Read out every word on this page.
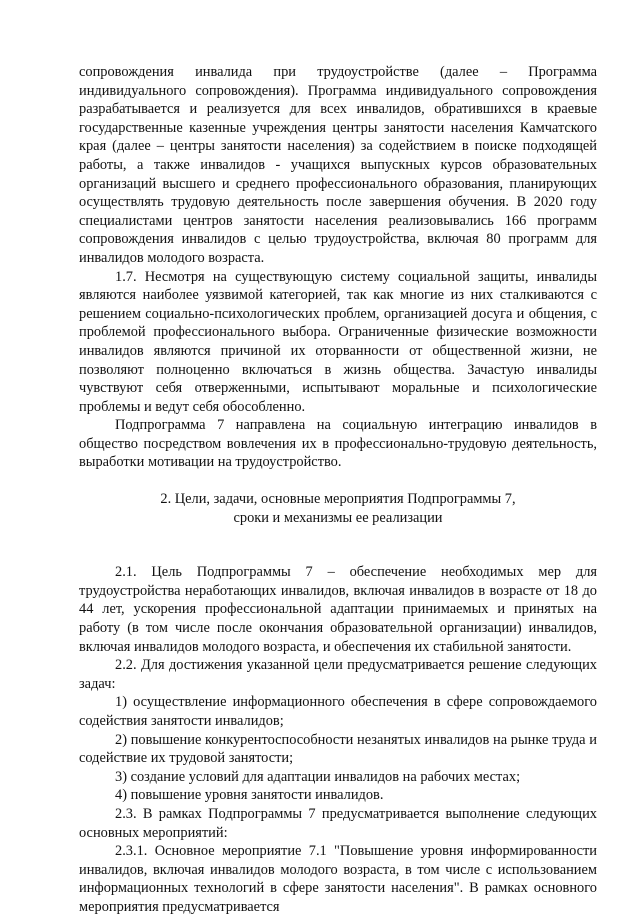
сопровождения инвалида при трудоустройстве (далее – Программа индивидуального сопровождения). Программа индивидуального сопровождения разрабатывается и реализуется для всех инвалидов, обратившихся в краевые государственные казенные учреждения центры занятости населения Камчатского края (далее – центры занятости населения) за содействием в поиске подходящей работы, а также инвалидов - учащихся выпускных курсов образовательных организаций высшего и среднего профессионального образования, планирующих осуществлять трудовую деятельность после завершения обучения. В 2020 году специалистами центров занятости населения реализовывались 166 программ сопровождения инвалидов с целью трудоустройства, включая 80 программ для инвалидов молодого возраста.

1.7. Несмотря на существующую систему социальной защиты, инвалиды являются наиболее уязвимой категорией, так как многие из них сталкиваются с решением социально-психологических проблем, организацией досуга и общения, с проблемой профессионального выбора. Ограниченные физические возможности инвалидов являются причиной их оторванности от общественной жизни, не позволяют полноценно включаться в жизнь общества. Зачастую инвалиды чувствуют себя отверженными, испытывают моральные и психологические проблемы и ведут себя обособленно.

Подпрограмма 7 направлена на социальную интеграцию инвалидов в общество посредством вовлечения их в профессионально-трудовую деятельность, выработки мотивации на трудоустройство.

2. Цели, задачи, основные мероприятия Подпрограммы 7,
сроки и механизмы ее реализации

2.1. Цель Подпрограммы 7 – обеспечение необходимых мер для трудоустройства неработающих инвалидов, включая инвалидов в возрасте от 18 до 44 лет, ускорения профессиональной адаптации принимаемых и принятых на работу (в том числе после окончания образовательной организации) инвалидов, включая инвалидов молодого возраста, и обеспечения их стабильной занятости.

2.2. Для достижения указанной цели предусматривается решение следующих задач:

1) осуществление информационного обеспечения в сфере сопровождаемого содействия занятости инвалидов;

2) повышение конкурентоспособности незанятых инвалидов на рынке труда и содействие их трудовой занятости;

3) создание условий для адаптации инвалидов на рабочих местах;

4) повышение уровня занятости инвалидов.

2.3. В рамках Подпрограммы 7 предусматривается выполнение следующих основных мероприятий:

2.3.1. Основное мероприятие 7.1 "Повышение уровня информированности инвалидов, включая инвалидов молодого возраста, в том числе с использованием информационных технологий в сфере занятости населения". В рамках основного мероприятия предусматривается
